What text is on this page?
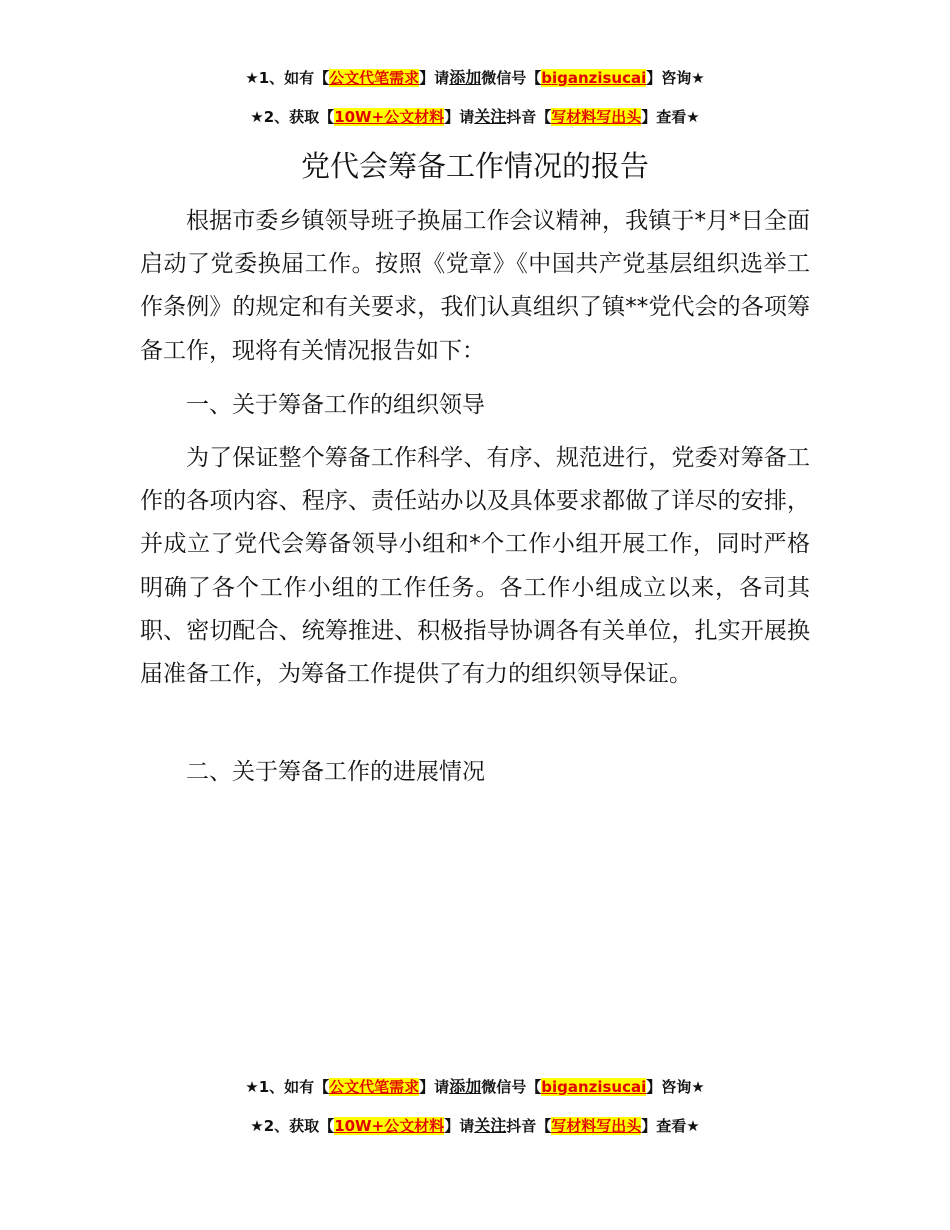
★1、如有【公文代笔需求】请添加微信号【biganzisucai】咨询★
★2、获取【10W+公文材料】请关注抖音【写材料写出头】查看★
党代会筹备工作情况的报告

根据市委乡镇领导班子换届工作会议精神，我镇于*月*日全面启动了党委换届工作。按照《党章》《中国共产党基层组织选举工作条例》的规定和有关要求，我们认真组织了镇**党代会的各项筹备工作，现将有关情况报告如下：

一、关于筹备工作的组织领导

为了保证整个筹备工作科学、有序、规范进行，党委对筹备工作的各项内容、程序、责任站办以及具体要求都做了详尽的安排，并成立了党代会筹备领导小组和*个工作小组开展工作，同时严格明确了各个工作小组的工作任务。各工作小组成立以来，各司其职、密切配合、统筹推进、积极指导协调各有关单位，扎实开展换届准备工作，为筹备工作提供了有力的组织领导保证。

二、关于筹备工作的进展情况

★1、如有【公文代笔需求】请添加微信号【biganzisucai】咨询★
★2、获取【10W+公文材料】请关注抖音【写材料写出头】查看★
